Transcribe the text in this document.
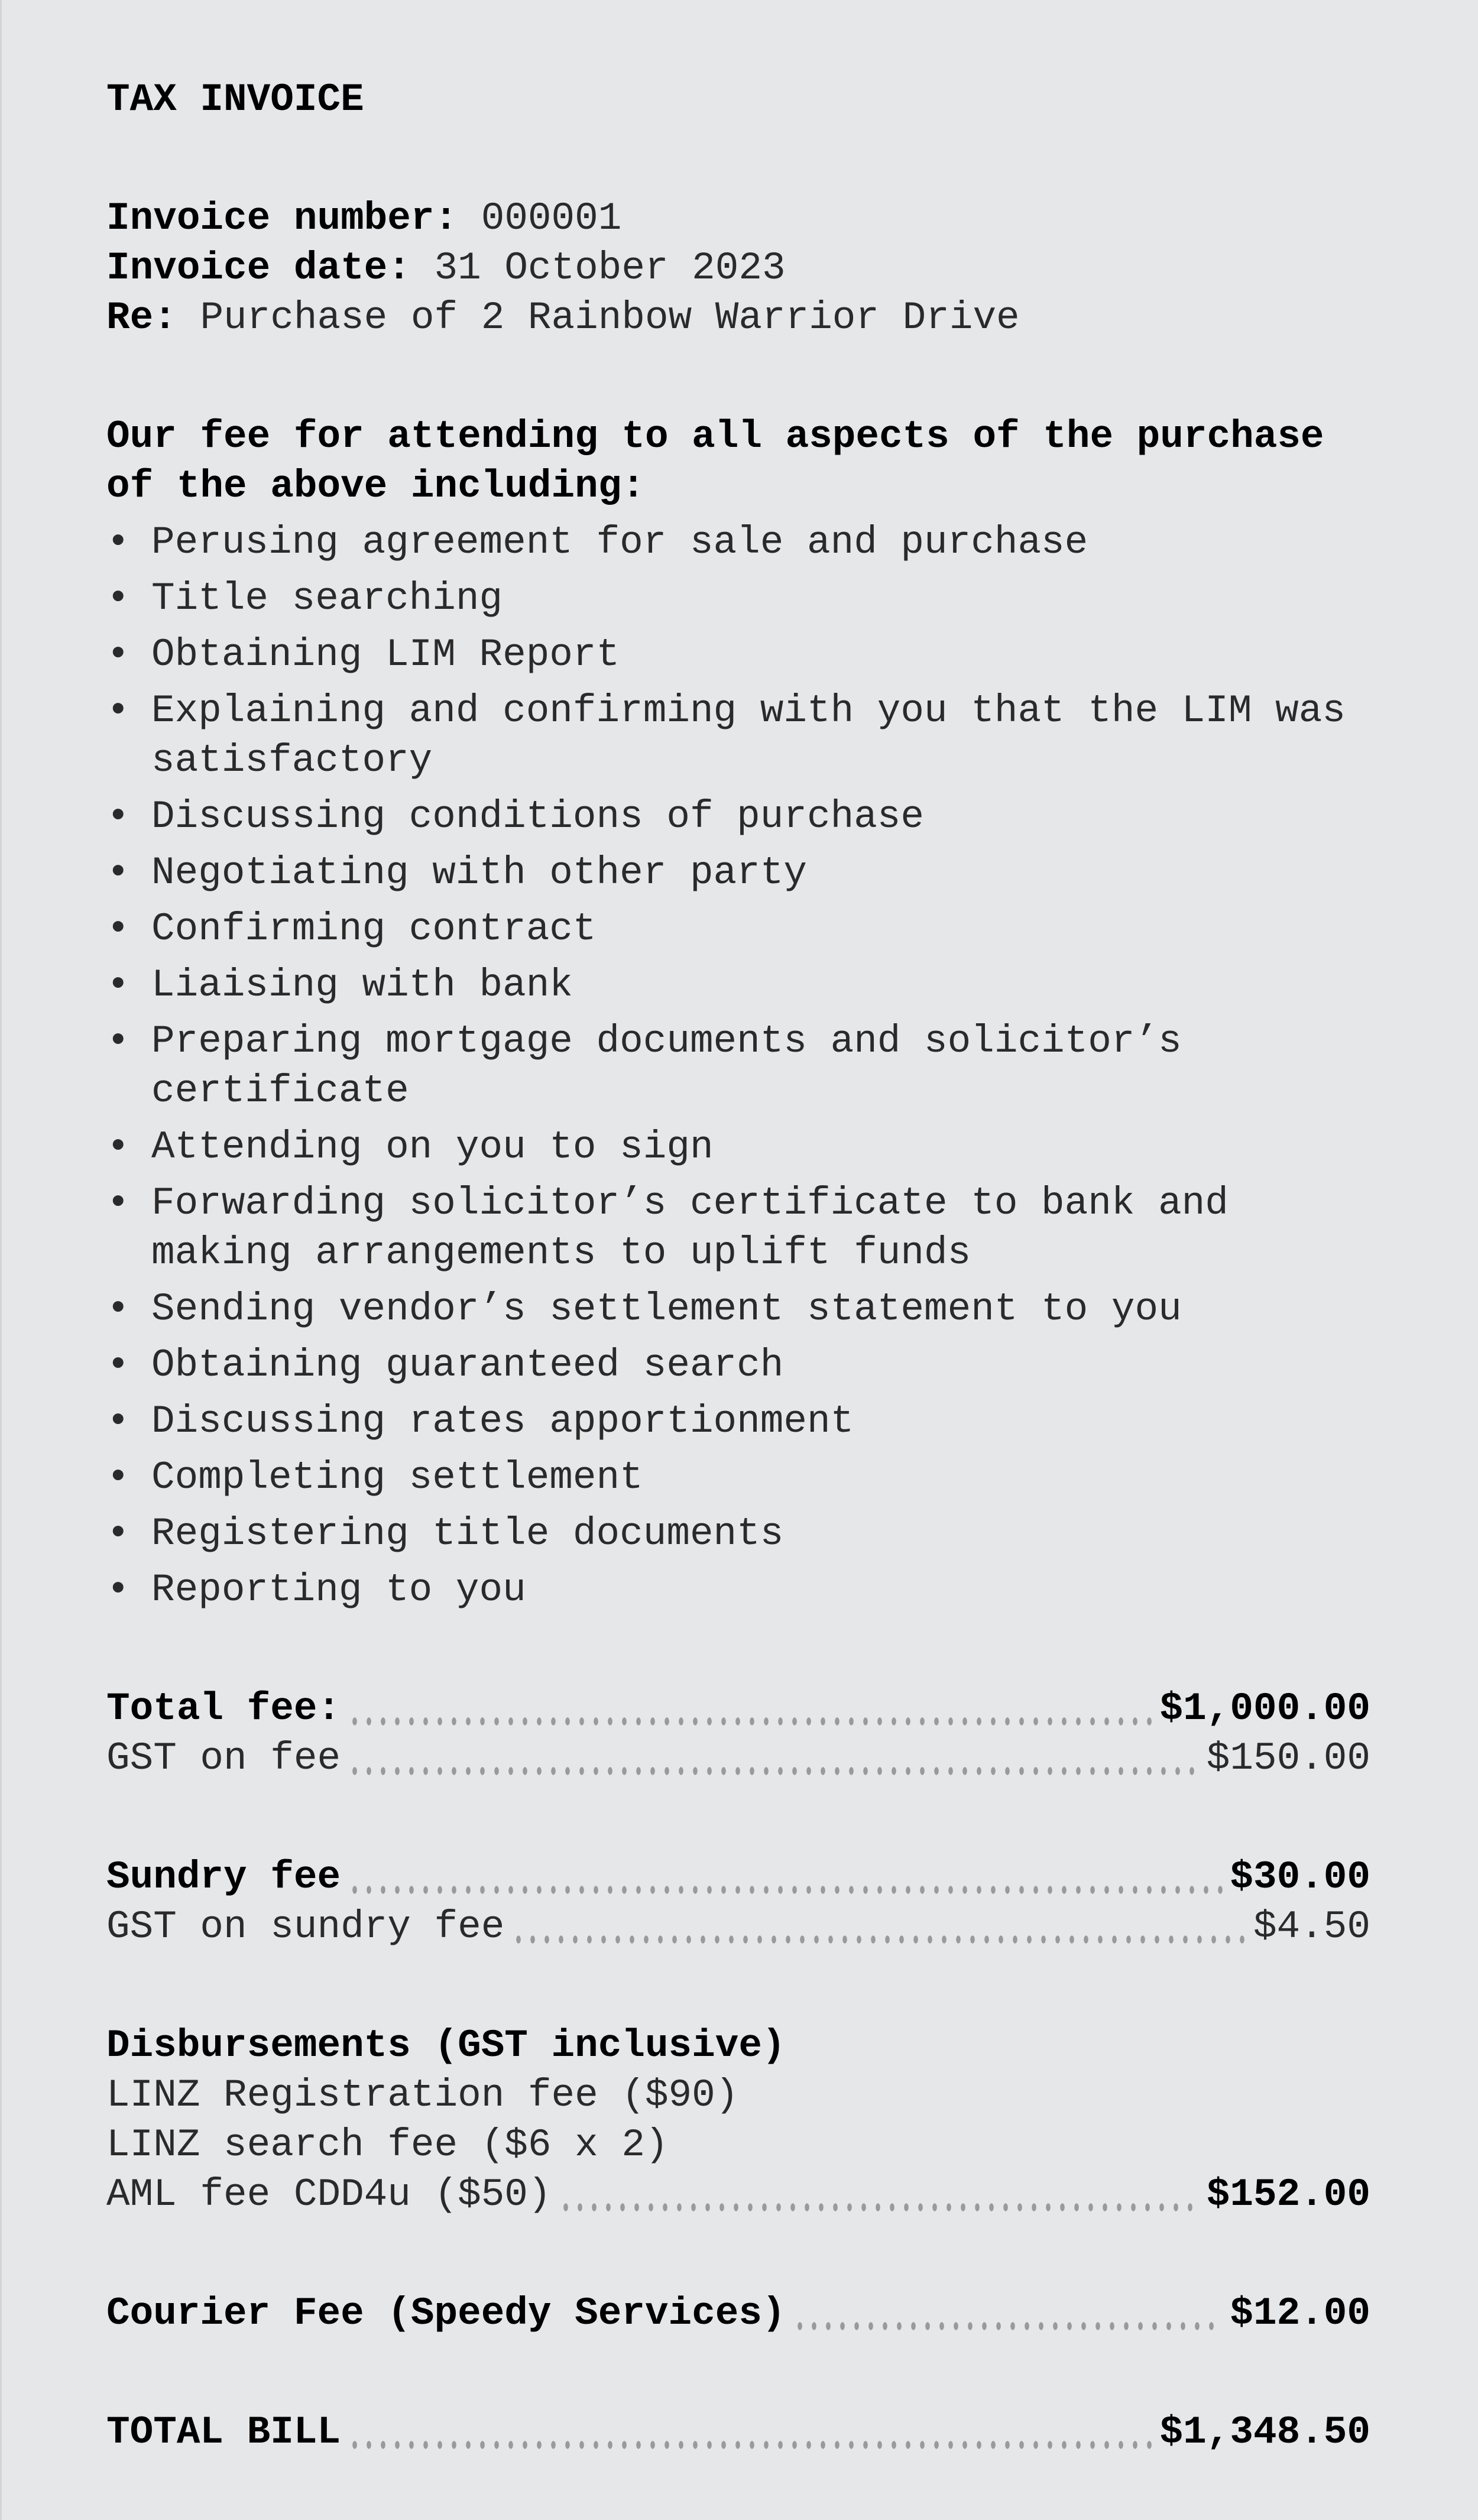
TAX INVOICE
Invoice number: 000001
Invoice date: 31 October 2023
Re: Purchase of 2 Rainbow Warrior Drive
Our fee for attending to all aspects of the purchase of the above including:
• Perusing agreement for sale and purchase
• Title searching
• Obtaining LIM Report
• Explaining and confirming with you that the LIM was satisfactory
• Discussing conditions of purchase
• Negotiating with other party
• Confirming contract
• Liaising with bank
• Preparing mortgage documents and solicitor’s certificate
• Attending on you to sign
• Forwarding solicitor’s certificate to bank and making arrangements to uplift funds
• Sending vendor’s settlement statement to you
• Obtaining guaranteed search
• Discussing rates apportionment
• Completing settlement
• Registering title documents
• Reporting to you
Total fee:	$1,000.00
GST on fee	$150.00
Sundry fee	$30.00
GST on sundry fee	$4.50
Disbursements (GST inclusive)
LINZ Registration fee ($90)
LINZ search fee ($6 x 2)
AML fee CDD4u ($50)	$152.00
Courier Fee (Speedy Services)	$12.00
TOTAL BILL	$1,348.50
